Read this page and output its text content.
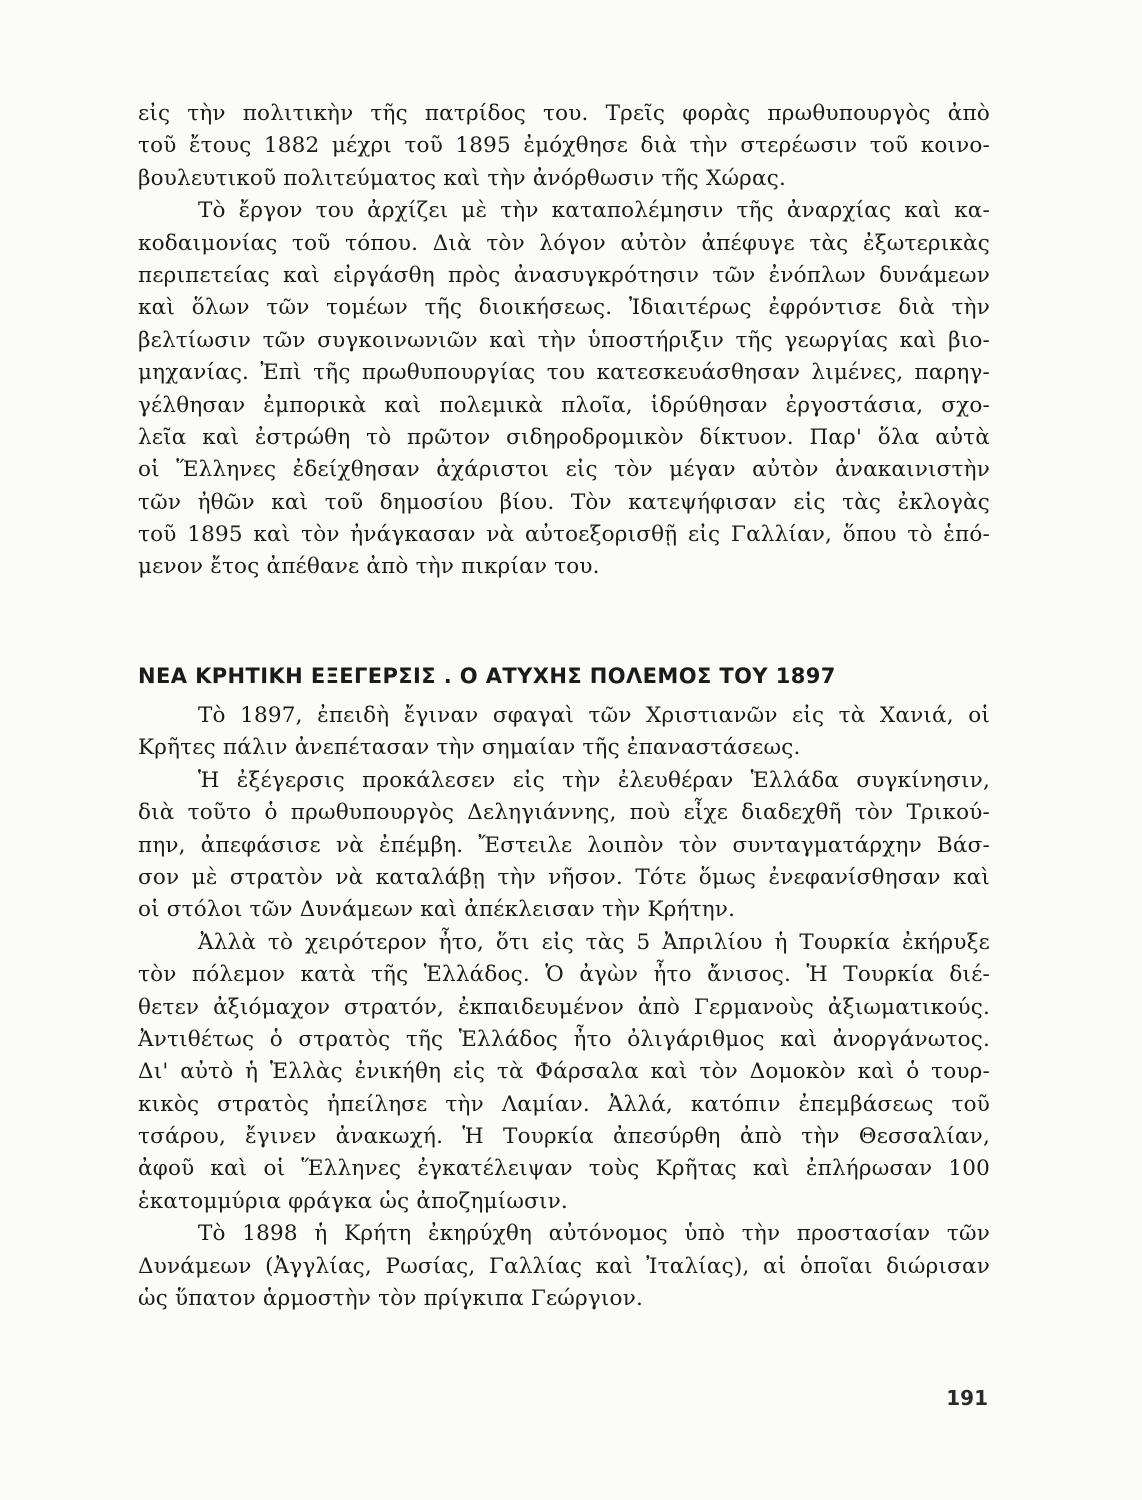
εἰς τὴν πολιτικὴν τῆς πατρίδος του. Τρεῖς φορὰς πρωθυπουργὸς ἀπὸ
τοῦ ἔτους 1882 μέχρι τοῦ 1895 ἐμόχθησε διὰ τὴν στερέωσιν τοῦ κοινο-
βουλευτικοῦ πολιτεύματος καὶ τὴν ἀνόρθωσιν τῆς Χώρας.
Τὸ ἔργον του ἀρχίζει μὲ τὴν καταπολέμησιν τῆς ἀναρχίας καὶ κα-
κοδαιμονίας τοῦ τόπου. Διὰ τὸν λόγον αὐτὸν ἀπέφυγε τὰς ἐξωτερικὰς
περιπετείας καὶ εἰργάσθη πρὸς ἀνασυγκρότησιν τῶν ἐνόπλων δυνάμεων
καὶ ὅλων τῶν τομέων τῆς διοικήσεως. Ἰδιαιτέρως ἐφρόντισε διὰ τὴν
βελτίωσιν τῶν συγκοινωνιῶν καὶ τὴν ὑποστήριξιν τῆς γεωργίας καὶ βιο-
μηχανίας. Ἐπὶ τῆς πρωθυπουργίας του κατεσκευάσθησαν λιμένες, παρηγ-
γέλθησαν ἐμπορικὰ καὶ πολεμικὰ πλοῖα, ἱδρύθησαν ἐργοστάσια, σχο-
λεῖα καὶ ἐστρώθη τὸ πρῶτον σιδηροδρομικὸν δίκτυον. Παρ' ὅλα αὐτὰ
οἱ Ἕλληνες ἐδείχθησαν ἀχάριστοι εἰς τὸν μέγαν αὐτὸν ἀνακαινιστὴν
τῶν ἠθῶν καὶ τοῦ δημοσίου βίου. Τὸν κατεψήφισαν εἰς τὰς ἐκλογὰς
τοῦ 1895 καὶ τὸν ἠνάγκασαν νὰ αὐτοεξορισθῇ εἰς Γαλλίαν, ὅπου τὸ ἑπό-
μενον ἔτος ἀπέθανε ἀπὸ τὴν πικρίαν του.
ΝΕΑ ΚΡΗΤΙΚΗ ΕΞΕΓΕΡΣΙΣ . Ο ΑΤΥΧΗΣ ΠΟΛΕΜΟΣ ΤΟΥ 1897
Τὸ 1897, ἐπειδὴ ἔγιναν σφαγαὶ τῶν Χριστιανῶν εἰς τὰ Χανιά, οἱ
Κρῆτες πάλιν ἀνεπέτασαν τὴν σημαίαν τῆς ἐπαναστάσεως.
Ἡ ἐξέγερσις προκάλεσεν εἰς τὴν ἐλευθέραν Ἑλλάδα συγκίνησιν,
διὰ τοῦτο ὁ πρωθυπουργὸς Δεληγιάννης, ποὺ εἶχε διαδεχθῆ τὸν Τρικού-
πην, ἀπεφάσισε νὰ ἐπέμβη. Ἔστειλε λοιπὸν τὸν συνταγματάρχην Βάσ-
σον μὲ στρατὸν νὰ καταλάβῃ τὴν νῆσον. Τότε ὅμως ἐνεφανίσθησαν καὶ
οἱ στόλοι τῶν Δυνάμεων καὶ ἀπέκλεισαν τὴν Κρήτην.
Ἀλλὰ τὸ χειρότερον ἦτο, ὅτι εἰς τὰς 5 Ἀπριλίου ἡ Τουρκία ἐκήρυξε
τὸν πόλεμον κατὰ τῆς Ἑλλάδος. Ὁ ἀγὼν ἦτο ἄνισος. Ἡ Τουρκία διέ-
θετεν ἀξιόμαχον στρατόν, ἐκπαιδευμένον ἀπὸ Γερμανοὺς ἀξιωματικούς.
Ἀντιθέτως ὁ στρατὸς τῆς Ἑλλάδος ἦτο ὀλιγάριθμος καὶ ἀνοργάνωτος.
Δι' αὐτὸ ἡ Ἑλλὰς ἐνικήθη εἰς τὰ Φάρσαλα καὶ τὸν Δομοκὸν καὶ ὁ τουρ-
κικὸς στρατὸς ἠπείλησε τὴν Λαμίαν. Ἀλλά, κατόπιν ἐπεμβάσεως τοῦ
τσάρου, ἔγινεν ἀνακωχή. Ἡ Τουρκία ἀπεσύρθη ἀπὸ τὴν Θεσσαλίαν,
ἀφοῦ καὶ οἱ Ἕλληνες ἐγκατέλειψαν τοὺς Κρῆτας καὶ ἐπλήρωσαν 100
ἑκατομμύρια φράγκα ὡς ἀποζημίωσιν.
Τὸ 1898 ἡ Κρήτη ἐκηρύχθη αὐτόνομος ὑπὸ τὴν προστασίαν τῶν
Δυνάμεων (Ἀγγλίας, Ρωσίας, Γαλλίας καὶ Ἰταλίας), αἱ ὁποῖαι διώρισαν
ὡς ὕπατον ἁρμοστὴν τὸν πρίγκιπα Γεώργιον.
191
